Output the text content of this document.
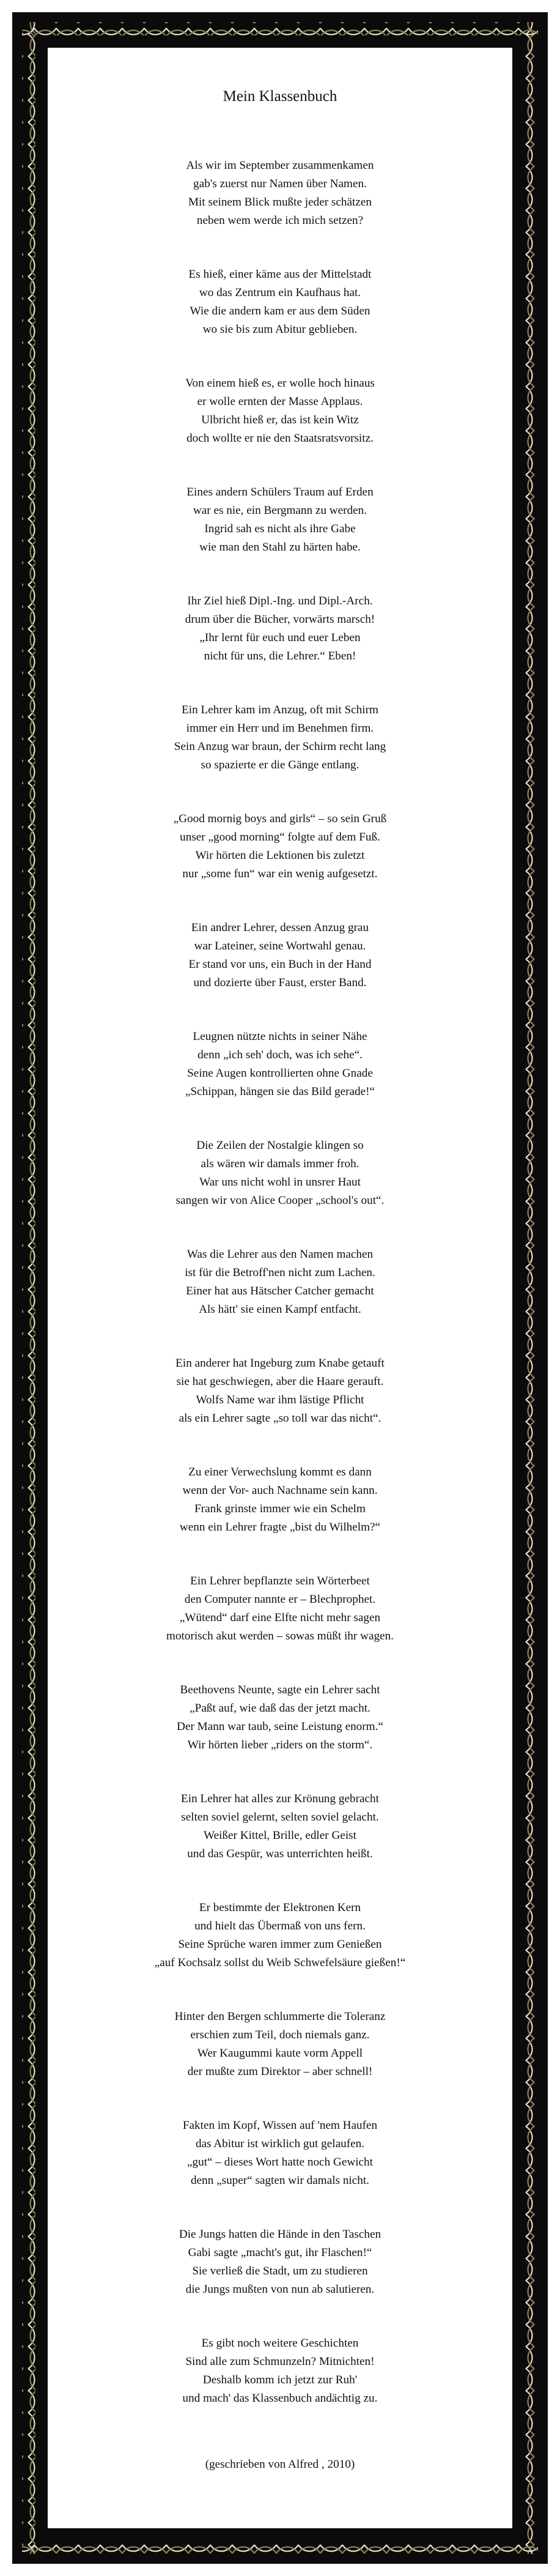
Mein Klassenbuch
Als wir im September zusammenkamen
gab's zuerst nur Namen über Namen.
Mit seinem Blick mußte jeder schätzen
neben wem werde ich mich setzen?
Es hieß, einer käme aus der Mittelstadt
wo das Zentrum ein Kaufhaus hat.
Wie die andern kam er aus dem Süden
wo sie bis zum Abitur geblieben.
Von einem hieß es, er wolle hoch hinaus
er wolle ernten der Masse Applaus.
Ulbricht hieß er, das ist kein Witz
doch wollte er nie den Staatsratsvorsitz.
Eines andern Schülers Traum auf Erden
war es nie, ein Bergmann zu werden.
Ingrid sah es nicht als ihre Gabe
wie man den Stahl zu härten habe.
Ihr Ziel hieß Dipl.-Ing. und Dipl.-Arch.
drum über die Bücher, vorwärts marsch!
„Ihr lernt für euch und euer Leben
nicht für uns, die Lehrer.“ Eben!
Ein Lehrer kam im Anzug, oft mit Schirm
immer ein Herr und im Benehmen firm.
Sein Anzug war braun, der Schirm recht lang
so spazierte er die Gänge entlang.
„Good mornig boys and girls“ – so sein Gruß
unser „good morning“ folgte auf dem Fuß.
Wir hörten die Lektionen bis zuletzt
nur „some fun“ war ein wenig aufgesetzt.
Ein andrer Lehrer, dessen Anzug grau
war Lateiner, seine Wortwahl genau.
Er stand vor uns, ein Buch in der Hand
und dozierte über Faust, erster Band.
Leugnen nützte nichts in seiner Nähe
denn „ich seh' doch, was ich sehe“.
Seine Augen kontrollierten ohne Gnade
„Schippan, hängen sie das Bild gerade!“
Die Zeilen der Nostalgie klingen so
als wären wir damals immer froh.
War uns nicht wohl in unsrer Haut
sangen wir von Alice Cooper „school's out“.
Was die Lehrer aus den Namen machen
ist für die Betroff'nen nicht zum Lachen.
Einer hat aus Hätscher Catcher gemacht
Als hätt' sie einen Kampf entfacht.
Ein anderer hat Ingeburg zum Knabe getauft
sie hat geschwiegen, aber die Haare gerauft.
Wolfs Name war ihm lästige Pflicht
als ein Lehrer sagte „so toll war das nicht“.
Zu einer Verwechslung kommt es dann
wenn der Vor- auch Nachname sein kann.
Frank grinste immer wie ein Schelm
wenn ein Lehrer fragte „bist du Wilhelm?“
Ein Lehrer bepflanzte sein Wörterbeet
den Computer nannte er – Blechprophet.
„Wütend“ darf eine Elfte nicht mehr sagen
motorisch akut werden – sowas müßt ihr wagen.
Beethovens Neunte, sagte ein Lehrer sacht
„Paßt auf, wie daß das der jetzt macht.
Der Mann war taub, seine Leistung enorm.“
Wir hörten lieber „riders on the storm“.
Ein Lehrer hat alles zur Krönung gebracht
selten soviel gelernt, selten soviel gelacht.
Weißer Kittel, Brille, edler Geist
und das Gespür, was unterrichten heißt.
Er bestimmte der Elektronen Kern
und hielt das Übermaß von uns fern.
Seine Sprüche waren immer zum Genießen
„auf Kochsalz sollst du Weib Schwefelsäure gießen!“
Hinter den Bergen schlummerte die Toleranz
erschien zum Teil, doch niemals ganz.
Wer Kaugummi kaute vorm Appell
der mußte zum Direktor – aber schnell!
Fakten im Kopf, Wissen auf 'nem Haufen
das Abitur ist wirklich gut gelaufen.
„gut“ – dieses Wort hatte noch Gewicht
denn „super“ sagten wir damals nicht.
Die Jungs hatten die Hände in den Taschen
Gabi sagte „macht's gut, ihr Flaschen!“
Sie verließ die Stadt, um zu studieren
die Jungs mußten von nun ab salutieren.
Es gibt noch weitere Geschichten
Sind alle zum Schmunzeln? Mitnichten!
Deshalb komm ich jetzt zur Ruh'
und mach' das Klassenbuch andächtig zu.
(geschrieben von Alfred , 2010)
